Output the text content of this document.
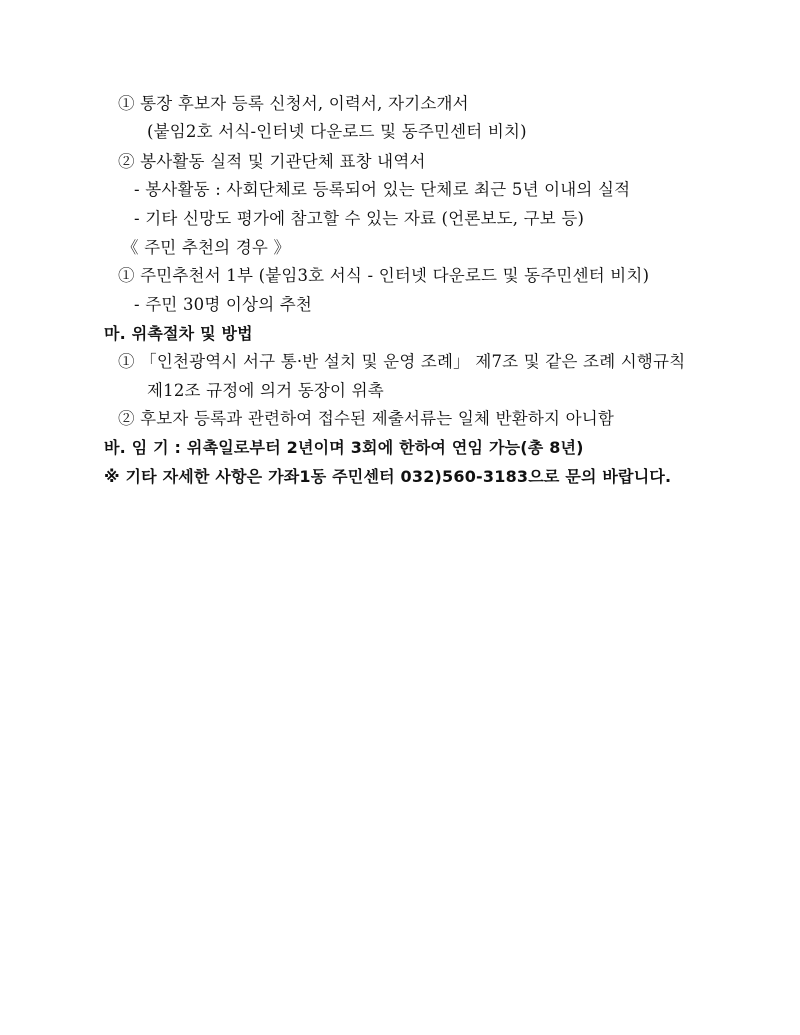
① 통장 후보자 등록 신청서, 이력서, 자기소개서
(붙임2호 서식-인터넷 다운로드 및 동주민센터 비치)
② 봉사활동 실적 및 기관단체 표창 내역서
- 봉사활동 : 사회단체로 등록되어 있는 단체로 최근 5년 이내의 실적
- 기타 신망도 평가에 참고할 수 있는 자료 (언론보도, 구보 등)
《 주민 추천의 경우 》
① 주민추천서 1부 (붙임3호 서식 - 인터넷 다운로드 및 동주민센터 비치)
- 주민 30명 이상의 추천
마. 위촉절차 및 방법
① 「인천광역시 서구 통·반 설치 및 운영 조례」 제7조 및 같은 조례 시행규칙
제12조 규정에 의거 동장이 위촉
② 후보자 등록과 관련하여 접수된 제출서류는 일체 반환하지 아니함
바. 임 기 : 위촉일로부터 2년이며 3회에 한하여 연임 가능(총 8년)
※ 기타 자세한 사항은 가좌1동 주민센터 032)560-3183으로 문의 바랍니다.
